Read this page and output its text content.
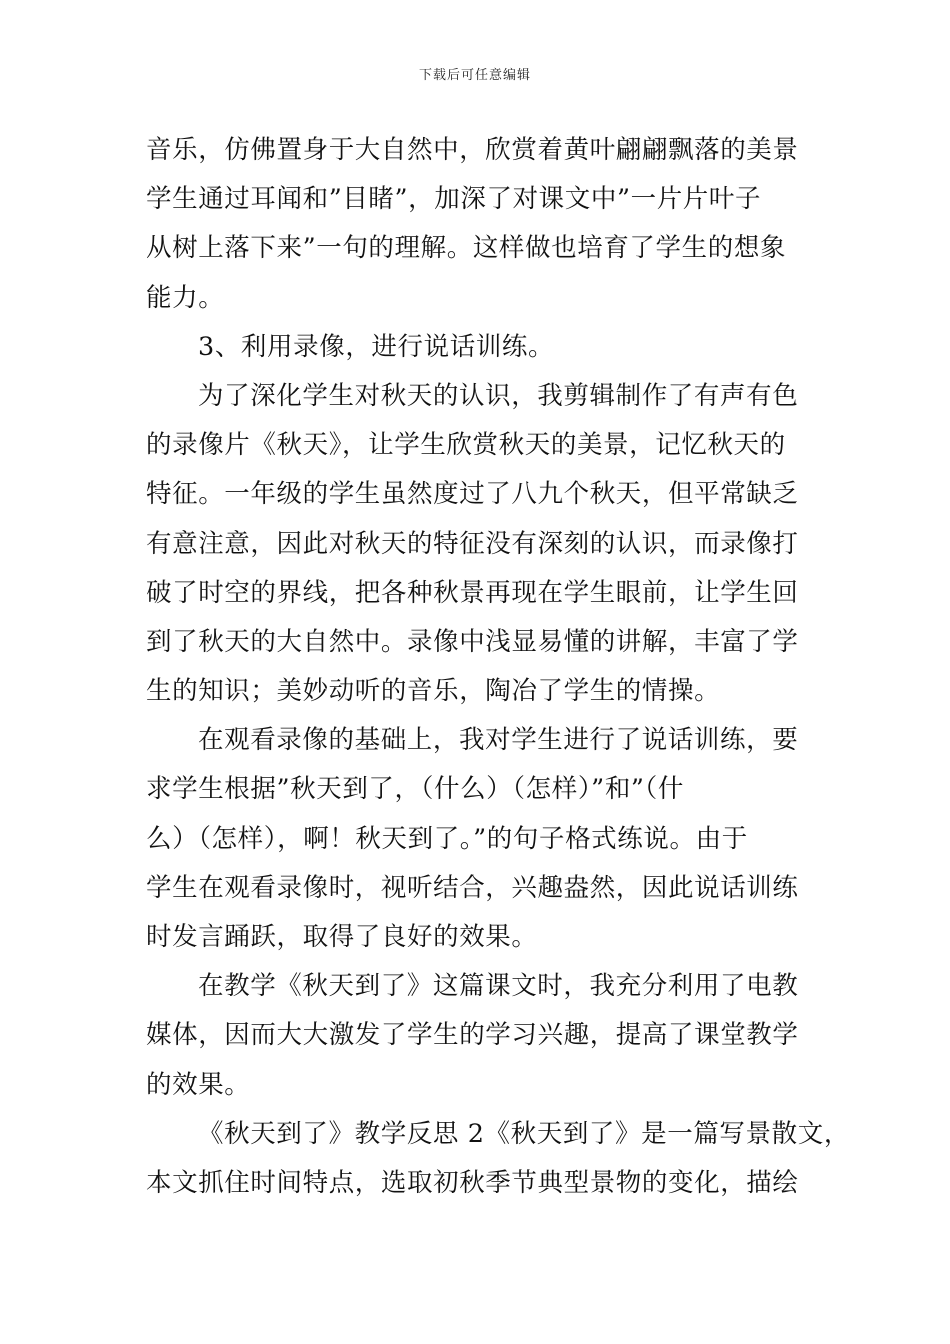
下载后可任意编辑
音乐，仿佛置身于大自然中，欣赏着黄叶翩翩飘落的美景
学生通过耳闻和”目睹”，加深了对课文中”一片片叶子
从树上落下来”一句的理解。这样做也培育了学生的想象
能力。
3、利用录像，进行说话训练。
为了深化学生对秋天的认识，我剪辑制作了有声有色
的录像片《秋天》，让学生欣赏秋天的美景，记忆秋天的
特征。一年级的学生虽然度过了八九个秋天，但平常缺乏
有意注意，因此对秋天的特征没有深刻的认识，而录像打
破了时空的界线，把各种秋景再现在学生眼前，让学生回
到了秋天的大自然中。录像中浅显易懂的讲解，丰富了学
生的知识；美妙动听的音乐，陶冶了学生的情操。
在观看录像的基础上，我对学生进行了说话训练，要
求学生根据”秋天到了，（什么）（怎样）”和”（什
么）（怎样），啊！秋天到了。”的句子格式练说。由于
学生在观看录像时，视听结合，兴趣盎然，因此说话训练
时发言踊跃，取得了良好的效果。
在教学《秋天到了》这篇课文时，我充分利用了电教
媒体，因而大大激发了学生的学习兴趣，提高了课堂教学
的效果。
《秋天到了》教学反思 2《秋天到了》是一篇写景散文，
本文抓住时间特点，选取初秋季节典型景物的变化，描绘
